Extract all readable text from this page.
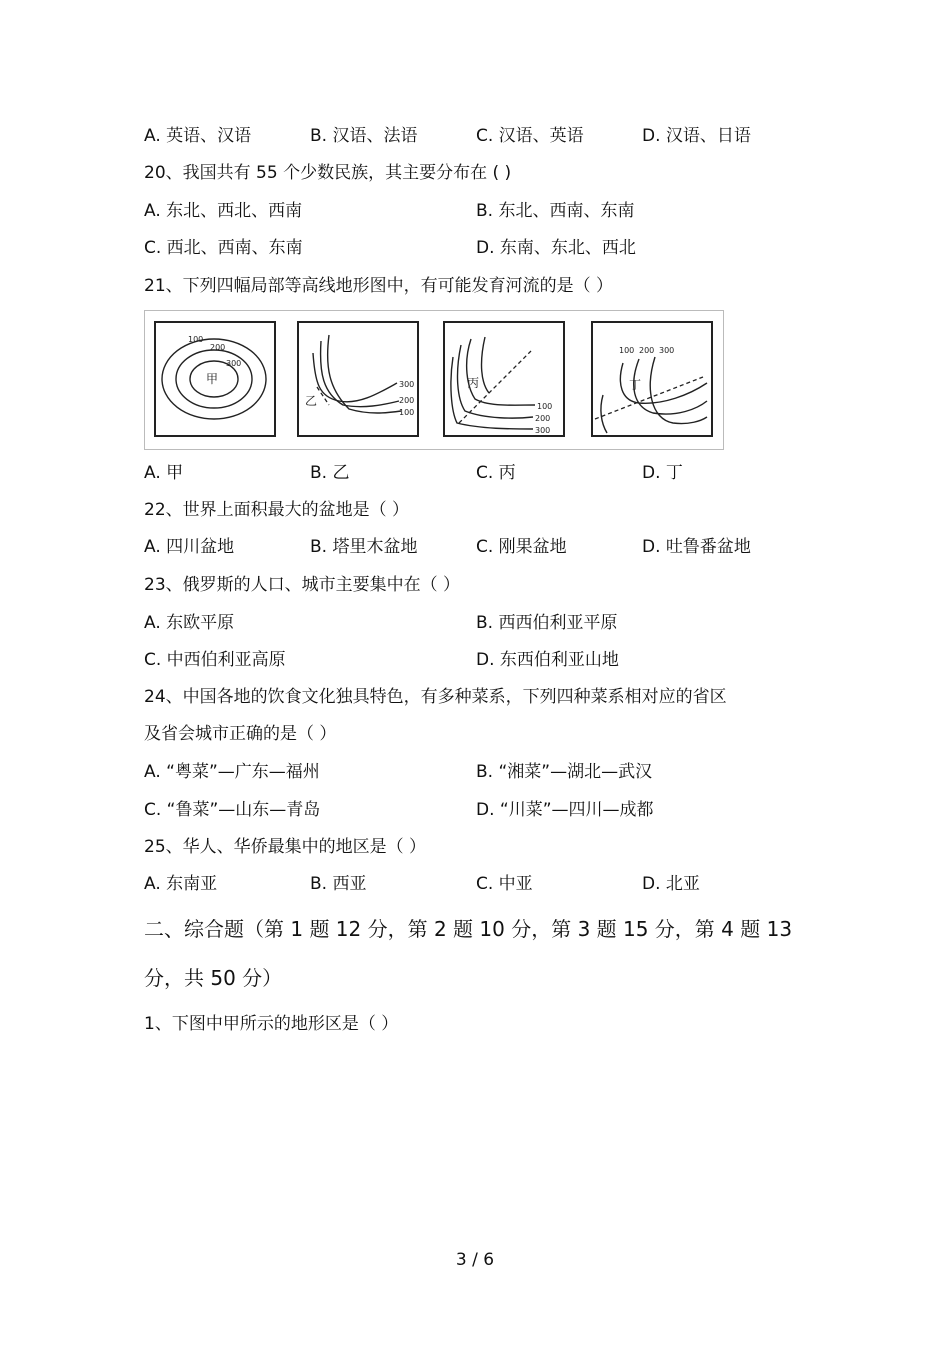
A. 英语、汉语	B. 汉语、法语	C. 汉语、英语	D. 汉语、日语
20、我国共有 55 个少数民族，其主要分布在 ( )
A. 东北、西北、西南	B. 东北、西南、东南
C. 西北、西南、东南	D. 东南、东北、西北
21、下列四幅局部等高线地形图中，有可能发育河流的是（ ）
100
200
300
甲	300
200
100
乙	100
200
300
丙
100 200 300
丁
A. 甲	B. 乙	C. 丙	D. 丁
22、世界上面积最大的盆地是（ ）
A. 四川盆地	B. 塔里木盆地	C. 刚果盆地	D. 吐鲁番盆地
23、俄罗斯的人口、城市主要集中在（ ）
A. 东欧平原	B. 西西伯利亚平原
C. 中西伯利亚高原	D. 东西伯利亚山地
24、中国各地的饮食文化独具特色，有多种菜系，下列四种菜系相对应的省区
及省会城市正确的是（ ）
A. “粤菜”—广东—福州	B. “湘菜”—湖北—武汉
C. “鲁菜”—山东—青岛	D. “川菜”—四川—成都
25、华人、华侨最集中的地区是（ ）
A. 东南亚	B. 西亚	C. 中亚	D. 北亚
二、综合题（第 1 题 12 分，第 2 题 10 分，第 3 题 15 分，第 4 题 13
分，共 50 分）
1、下图中甲所示的地形区是（ ）
3 / 6
